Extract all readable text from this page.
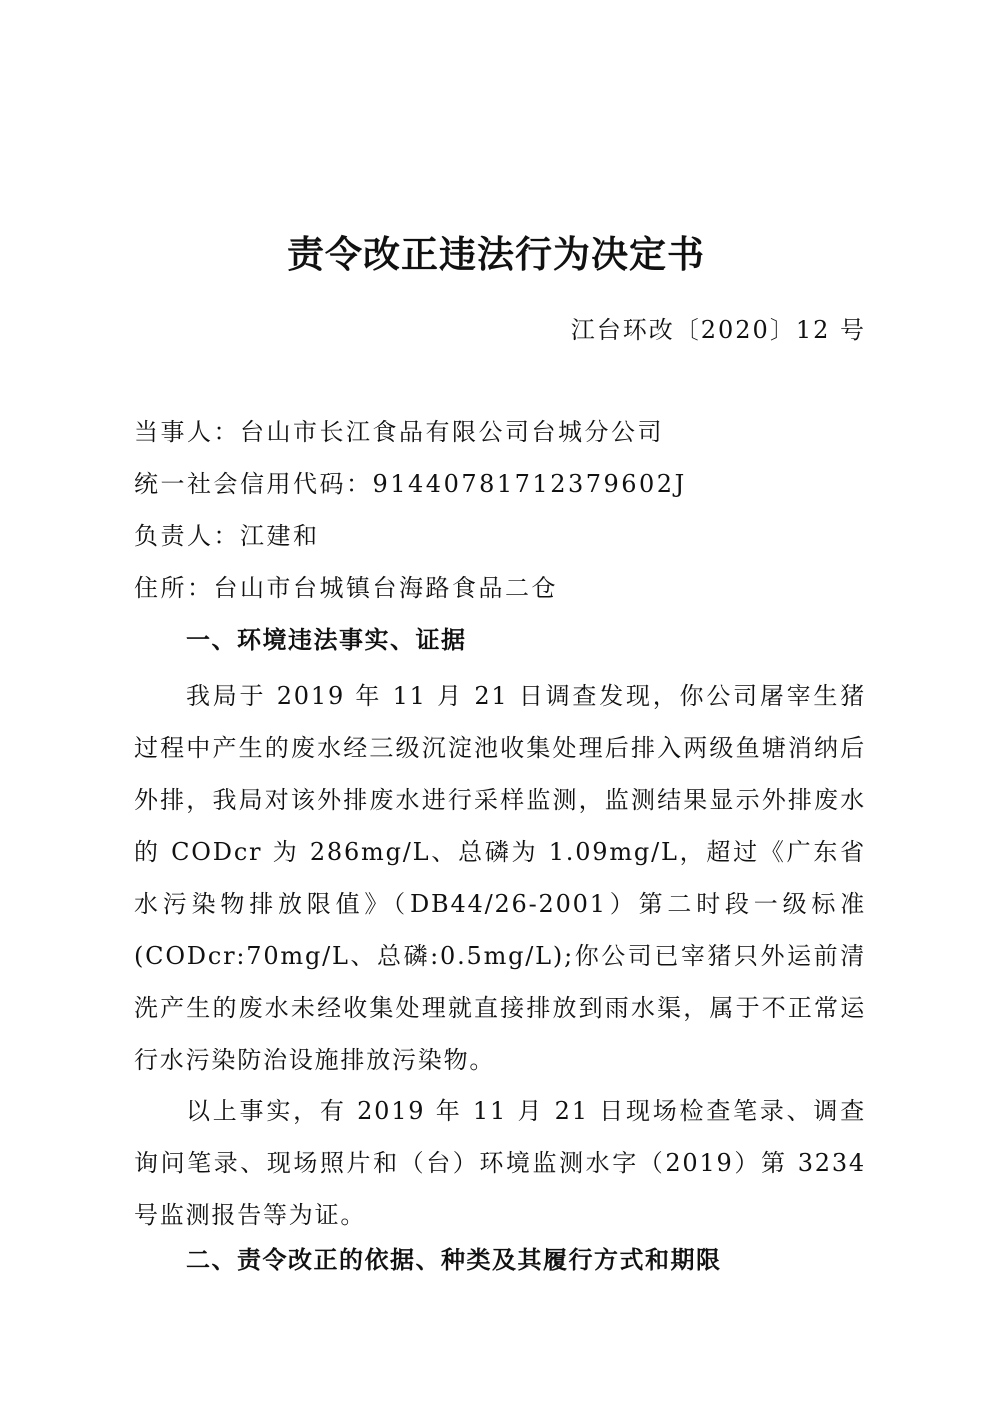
责令改正违法行为决定书
江台环改〔2020〕12 号
当事人：台山市长江食品有限公司台城分公司
统一社会信用代码：91440781712379602J
负责人：江建和
住所：台山市台城镇台海路食品二仓
一、环境违法事实、证据
我局于 2019 年 11 月 21 日调查发现，你公司屠宰生猪过程中产生的废水经三级沉淀池收集处理后排入两级鱼塘消纳后外排，我局对该外排废水进行采样监测，监测结果显示外排废水的 CODcr 为 286mg/L、总磷为 1.09mg/L，超过《广东省水污染物排放限值》（DB44/26-2001）第二时段一级标准(CODcr:70mg/L、总磷:0.5mg/L);你公司已宰猪只外运前清洗产生的废水未经收集处理就直接排放到雨水渠，属于不正常运行水污染防治设施排放污染物。
以上事实，有 2019 年 11 月 21 日现场检查笔录、调查询问笔录、现场照片和（台）环境监测水字（2019）第 3234 号监测报告等为证。
二、责令改正的依据、种类及其履行方式和期限
